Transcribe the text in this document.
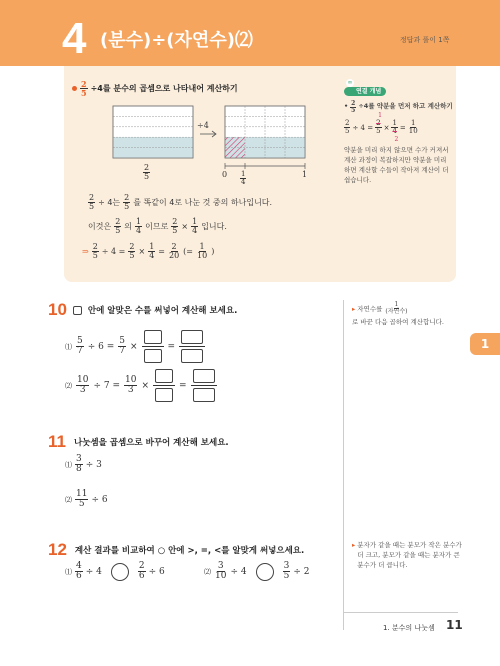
4 (분수)÷(자연수)⑵	정답과 풀이 1쪽
$\frac{2}{5} \div 4$를 분수의 곱셈으로 나타내어 계산하기
÷4
$\frac{2}{5}$	$0 \frac{1}{4}$	1
$\frac{2}{5} \div 4$는 $\frac{2}{5}$ 를 똑같이 4로 나눈 것 중의 하나입니다.
이것은 $\frac{2}{5}$ 의 $\frac{1}{4}$ 이므로 $\frac{2}{5} \times \frac{1}{4}$ 입니다.
⇒ $\frac{2}{5} \div 4 = \frac{2}{5} \times \frac{1}{4} = \frac{2}{20}$ (= $\frac{1}{10}$ )
연결 개념
∞
• $\frac{2}{5} \div 4$를 약분을 먼저 하고 계산하기
$\frac{2}{5} \div 4$ =
2
5
1
×
1
4
2
= $\frac{1}{10}$
약분을 미리 하지 않으면 수가 커져서 계산 과정이 복잡하지만 약분을 미리 하면 계산할 수들이 작아져 계산이 더 쉽습니다.
1
10 안에 알맞은 수를 써넣어 계산해 보세요.
⑴ $\frac{5}{7} \div 6 = \frac{5}{7}$ ×	=
⑵ $\frac{10}{3} \div 7 = \frac{10}{3}$ ×	=
▸ 자연수를 $\frac{1}{\text{(자연수)}}$
로 바꾼 다음 곱하여 계산합니다.
11 나눗셈을 곱셈으로 바꾸어 계산해 보세요.
⑴ $\frac{3}{8} \div 3$
⑵ $\frac{11}{5} \div 6$
12 계산 결과를 비교하여 ○ 안에 >, =, <를 알맞게 써넣으세요.
⑴ $\frac{4}{6} \div 4$	$\frac{2}{6} \div 6$	⑵ $\frac{3}{10} \div 4$	$\frac{3}{5} \div 2$
▸ 분자가 같을 때는 분모가 작은 분수가 더 크고, 분모가 같을 때는 분자가 큰 분수가 더 큽니다.
1. 분수의 나눗셈 11
